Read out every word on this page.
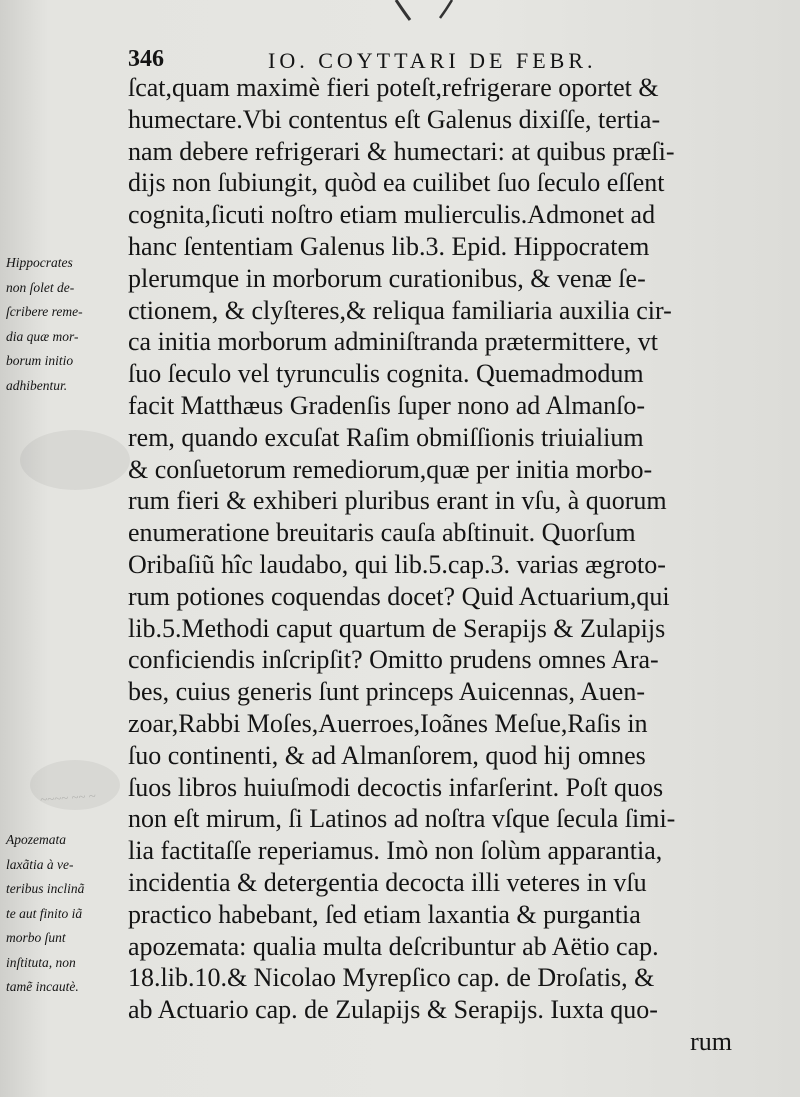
~~~~ ~~ ~
346	IO. COYTTARI DE FEBR.
Hippocrates
non ſolet de-
ſcribere reme-
dia quæ mor-
borum initio
adhibentur.
Apozemata
laxãtia à ve-
teribus inclinã
te aut finito iã
morbo ſunt
inſtituta, non
tamẽ incautè.
ſcat,quam maximè fieri poteſt,refrigerare oportet &
humectare.Vbi contentus eſt Galenus dixiſſe, tertia-
nam debere refrigerari & humectari: at quibus præſi-
dijs non ſubiungit, quòd ea cuilibet ſuo ſeculo eſſent
cognita,ſicuti noſtro etiam mulierculis.Admonet ad
hanc ſententiam Galenus lib.3. Epid. Hippocratem
plerumque in morborum curationibus, & venæ ſe-
ctionem, & clyſteres,& reliqua familiaria auxilia cir-
ca initia morborum adminiſtranda prætermittere, vt
ſuo ſeculo vel tyrunculis cognita. Quemadmodum
facit Matthæus Gradenſis ſuper nono ad Almanſo-
rem, quando excuſat Raſim obmiſſionis triuialium
& conſuetorum remediorum,quæ per initia morbo-
rum fieri & exhiberi pluribus erant in vſu, à quorum
enumeratione breuitaris cauſa abſtinuit. Quorſum
Oribaſiũ hîc laudabo, qui lib.5.cap.3. varias ægroto-
rum potiones coquendas docet? Quid Actuarium,qui
lib.5.Methodi caput quartum de Serapijs & Zulapijs
conficiendis inſcripſit? Omitto prudens omnes Ara-
bes, cuius generis ſunt princeps Auicennas, Auen-
zoar,Rabbi Moſes,Auerroes,Ioãnes Meſue,Raſis in
ſuo continenti, & ad Almanſorem, quod hij omnes
ſuos libros huiuſmodi decoctis infarſerint. Poſt quos
non eſt mirum, ſi Latinos ad noſtra vſque ſecula ſimi-
lia factitaſſe reperiamus. Imò non ſolùm apparantia,
incidentia & detergentia decocta illi veteres in vſu
practico habebant, ſed etiam laxantia & purgantia
apozemata: qualia multa deſcribuntur ab Aëtio cap.
18.lib.10.& Nicolao Myrepſico cap. de Droſatis, &
ab Actuario cap. de Zulapijs & Serapijs. Iuxta quo-
rum
